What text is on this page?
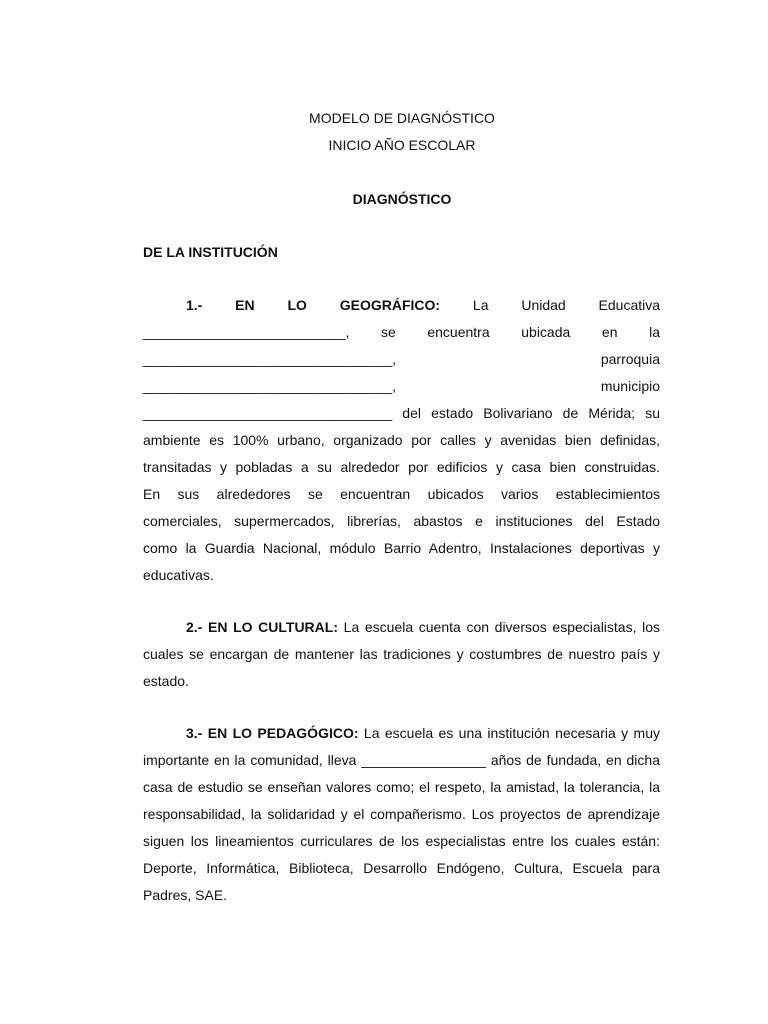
MODELO DE DIAGNÓSTICO

INICIO AÑO ESCOLAR

DIAGNÓSTICO

DE LA INSTITUCIÓN

1.- EN LO GEOGRÁFICO: La Unidad Educativa
__________________________, se encuentra ubicada en la
________________________________, parroquia
________________________________, municipio
________________________________ del estado Bolivariano de Mérida; su
ambiente es 100% urbano, organizado por calles y avenidas bien definidas,
transitadas y pobladas a su alrededor por edificios y casa bien construidas.
En sus alrededores se encuentran ubicados varios establecimientos
comerciales, supermercados, librerías, abastos e instituciones del Estado
como la Guardia Nacional, módulo Barrio Adentro, Instalaciones deportivas y
educativas.

2.- EN LO CULTURAL: La escuela cuenta con diversos especialistas, los cuales se encargan de mantener las tradiciones y costumbres de nuestro país y estado.

3.- EN LO PEDAGÓGICO: La escuela es una institución necesaria y muy importante en la comunidad, lleva ________________ años de fundada, en dicha casa de estudio se enseñan valores como; el respeto, la amistad, la tolerancia, la responsabilidad, la solidaridad y el compañerismo. Los proyectos de aprendizaje siguen los lineamientos curriculares de los especialistas entre los cuales están: Deporte, Informática, Biblioteca, Desarrollo Endógeno, Cultura, Escuela para Padres, SAE.
